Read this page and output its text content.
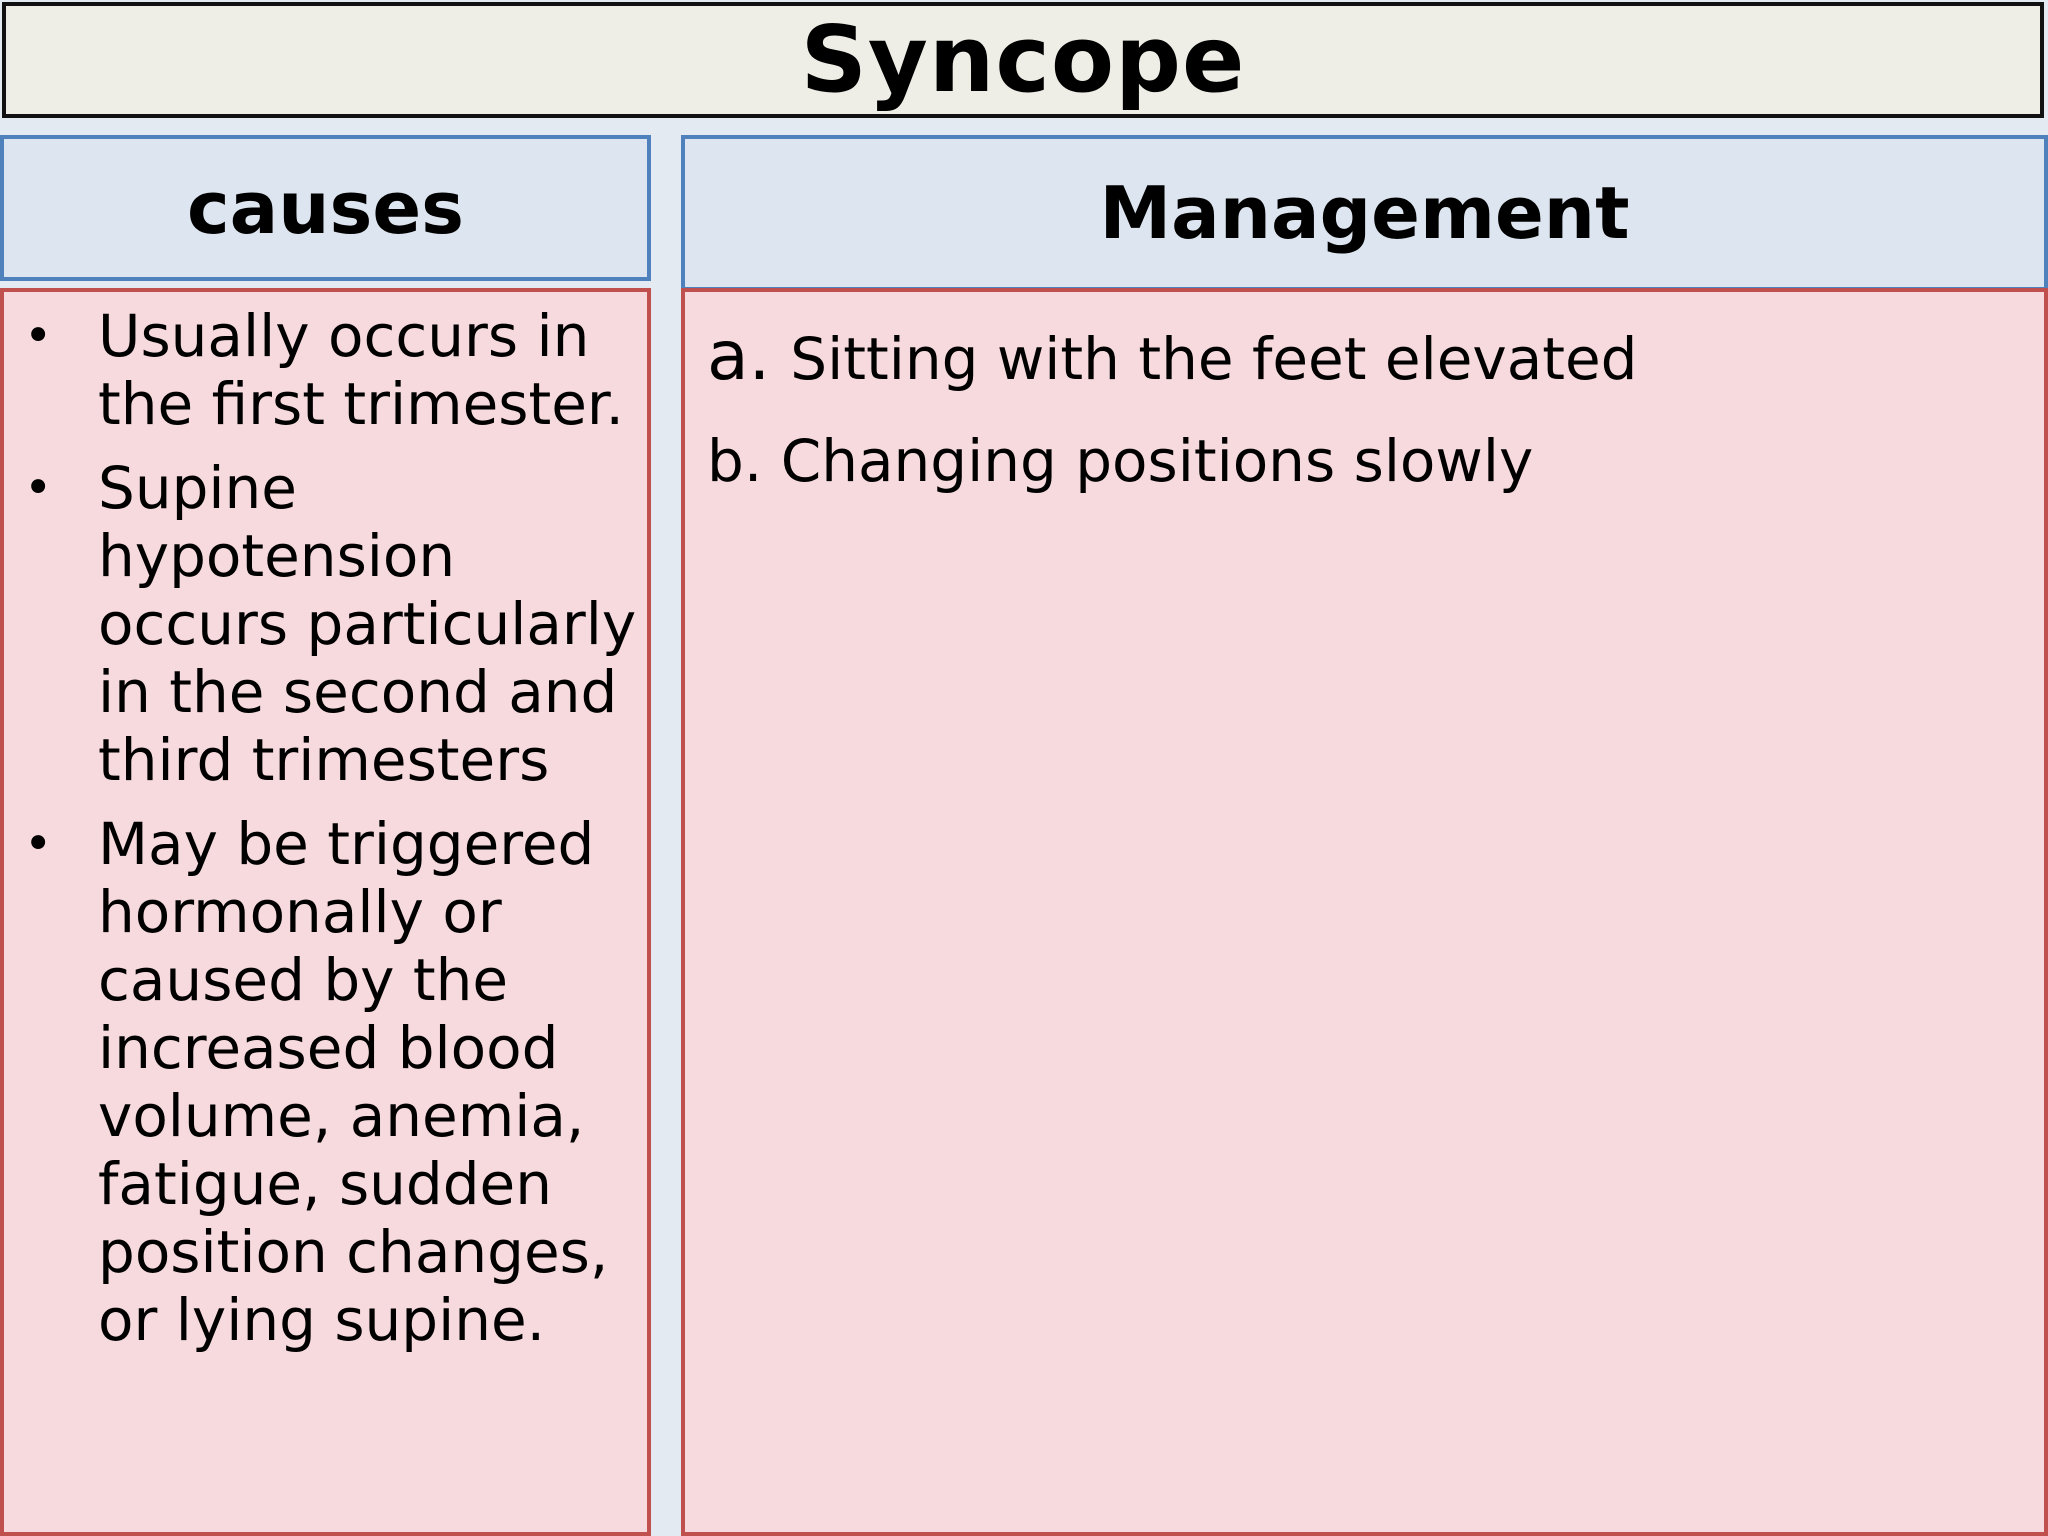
Syncope
causes	Management
• Usually occurs in the first trimester.
• Supine hypotension occurs particularly in the second and third trimesters
• May be triggered hormonally or caused by the increased blood volume, anemia, fatigue, sudden position changes, or lying supine.
a. Sitting with the feet elevated
b. Changing positions slowly
